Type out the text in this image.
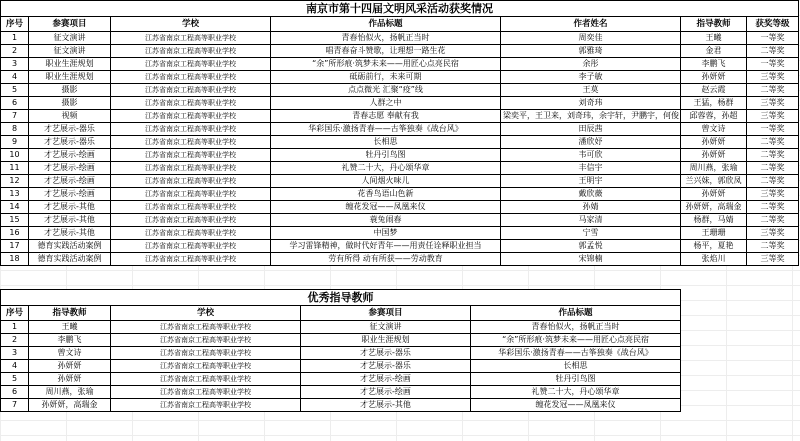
南京市第十四届文明风采活动获奖情况						
序号	参赛项目	学校	作品标题	作者姓名	指导教师	获奖等级
1	征文演讲	江苏省南京工程高等职业学校	青春怡似火，扬帆正当时	周奕佳	王曦	一等奖
2	征文演讲	江苏省南京工程高等职业学校	唱青春奋斗赞歌，让理想一路生花	郭雅琦	金君	二等奖
3	职业生涯规划	江苏省南京工程高等职业学校	“余”所形痕·筑梦未来——用匠心点亮民宿	余彤	李鹏飞	一等奖
4	职业生涯规划	江苏省南京工程高等职业学校	砥砺前行，未来可期	李子敏	孙妍妍	三等奖
5	摄影	江苏省南京工程高等职业学校	点点微光 汇聚“疫”线	王莫	赵云霞	二等奖
6	摄影	江苏省南京工程高等职业学校	人群之中	刘奇玮	王猛，杨群	三等奖
7	视频	江苏省南京工程高等职业学校	青春志愿 奉献有我	梁奕平，王卫来，刘奇玮，余宇轩，尹鹏宇，何俊	邱蓉蓉，孙超	三等奖
8	才艺展示-器乐	江苏省南京工程高等职业学校	华彩国乐·激扬青春——古筝独奏《战台风》	田辰茜	曾文诗	一等奖
9	才艺展示-器乐	江苏省南京工程高等职业学校	长相思	潘欣妤	孙妍妍	二等奖
10	才艺展示-绘画	江苏省南京工程高等职业学校	牡丹引鸟图	韦可欣	孙妍妍	二等奖
11	才艺展示-绘画	江苏省南京工程高等职业学校	礼赞二十大，丹心颂华章	丰信宇	周川燕，张瑜	二等奖
12	才艺展示-绘画	江苏省南京工程高等职业学校	人间烟火味儿	王明宇	兰兴妹，郭欣凤	二等奖
13	才艺展示-绘画	江苏省南京工程高等职业学校	花香鸟语山色新	戴欣薇	孙妍妍	三等奖
14	才艺展示-其他	江苏省南京工程高等职业学校	缠花发冠——凤凰来仪	孙婧	孙妍妍，高瑞金	二等奖
15	才艺展示-其他	江苏省南京工程高等职业学校	蓑兔闹春	马家清	杨群，马婧	二等奖
16	才艺展示-其他	江苏省南京工程高等职业学校	中国梦	宁雪	王珊珊	三等奖
17	德育实践活动案例	江苏省南京工程高等职业学校	学习雷锋精神，做时代好青年——用责任诠释职业担当	郭孟悦	杨平，夏艳	二等奖
18	德育实践活动案例	江苏省南京工程高等职业学校	劳有所得 动有所获——劳动教育	宋锦楠	张焰川	三等奖
优秀指导教师				
序号	指导教师	学校	参赛项目	作品标题
1	王曦	江苏省南京工程高等职业学校	征文演讲	青春怡似火，扬帆正当时
2	李鹏飞	江苏省南京工程高等职业学校	职业生涯规划	“余”所形痕·筑梦未来——用匠心点亮民宿
3	曾文诗	江苏省南京工程高等职业学校	才艺展示-器乐	华彩国乐·激扬青春——古筝独奏《战台风》
4	孙妍妍	江苏省南京工程高等职业学校	才艺展示-器乐	长相思
5	孙妍妍	江苏省南京工程高等职业学校	才艺展示-绘画	牡丹引鸟图
6	周川燕，张瑜	江苏省南京工程高等职业学校	才艺展示-绘画	礼赞二十大，丹心颂华章
7	孙妍妍，高瑞金	江苏省南京工程高等职业学校	才艺展示-其他	缠花发冠——凤凰来仪
